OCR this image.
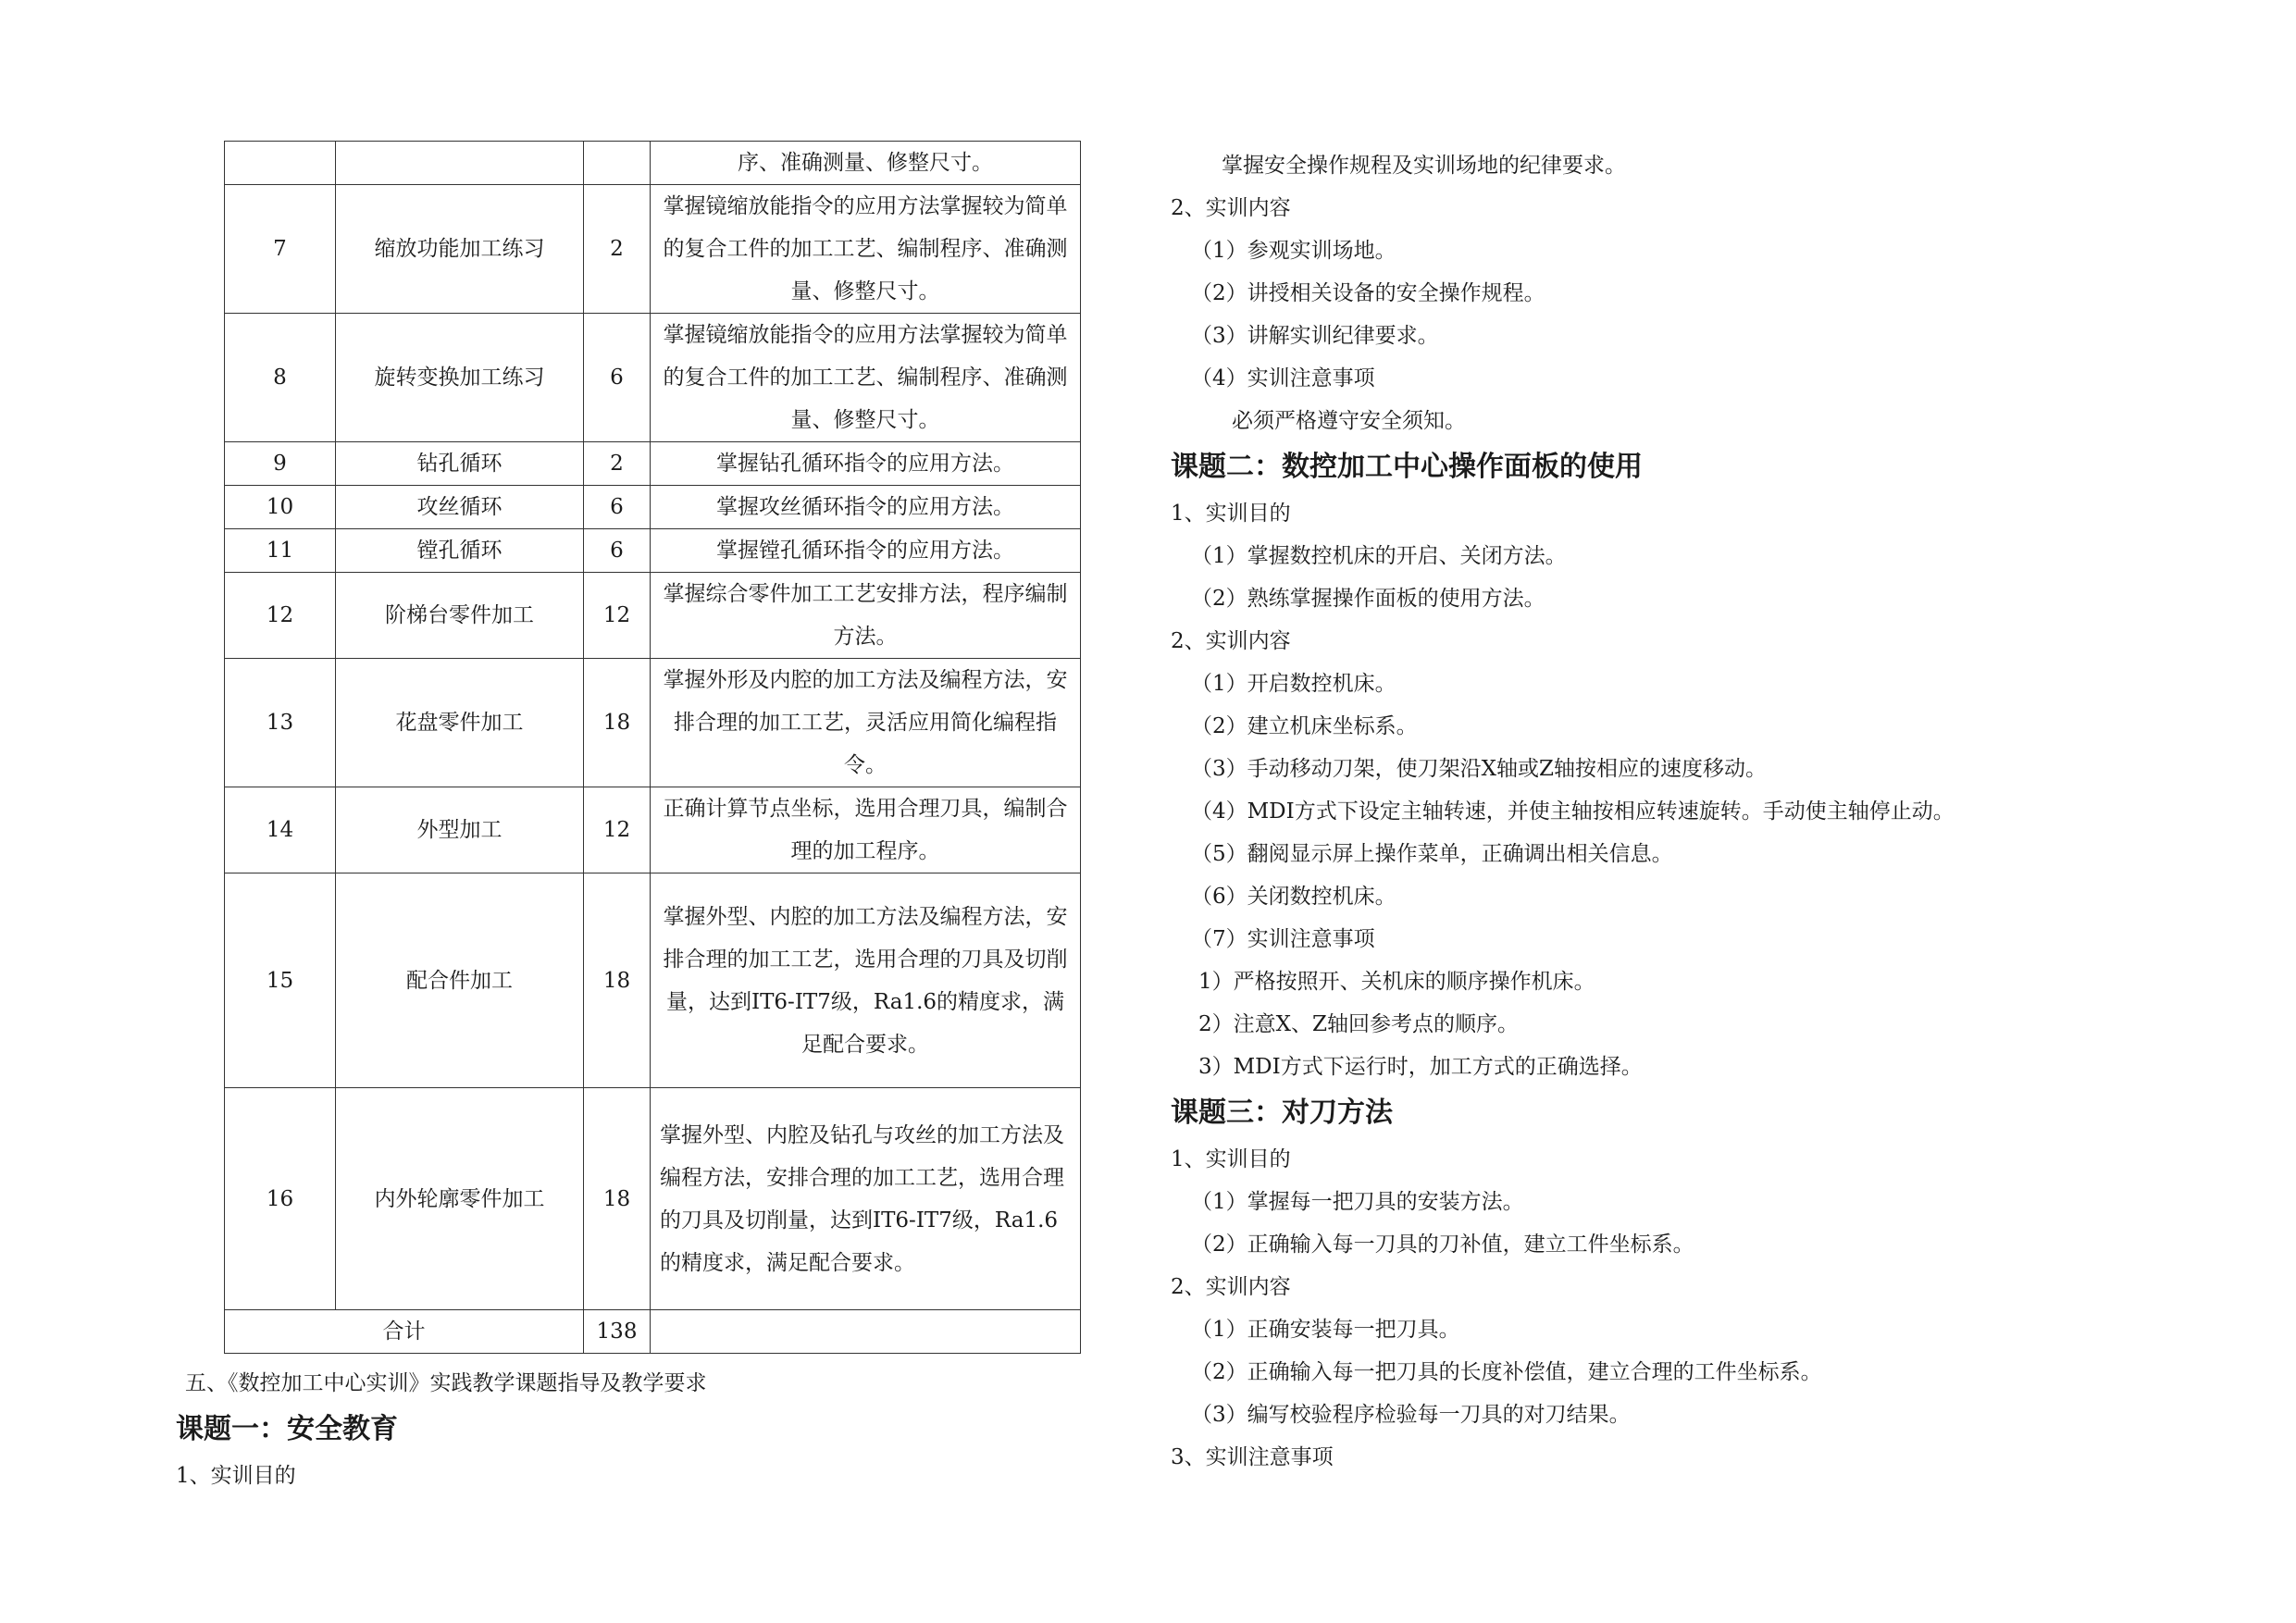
			序、准确测量、修整尺寸。
7	缩放功能加工练习	2	掌握镜缩放能指令的应用方法掌握较为简单的复合工件的加工工艺、编制程序、准确测量、修整尺寸。
8	旋转变换加工练习	6	掌握镜缩放能指令的应用方法掌握较为简单的复合工件的加工工艺、编制程序、准确测量、修整尺寸。
9	钻孔循环	2	掌握钻孔循环指令的应用方法。
10	攻丝循环	6	掌握攻丝循环指令的应用方法。
11	镗孔循环	6	掌握镗孔循环指令的应用方法。
12	阶梯台零件加工	12	掌握综合零件加工工艺安排方法，程序编制方法。
13	花盘零件加工	18	掌握外形及内腔的加工方法及编程方法，安排合理的加工工艺，灵活应用简化编程指令。
14	外型加工	12	正确计算节点坐标，选用合理刀具，编制合理的加工程序。
15	配合件加工	18	掌握外型、内腔的加工方法及编程方法，安排合理的加工工艺，选用合理的刀具及切削量，达到IT6-IT7级，Ra1.6的精度求，满足配合要求。
16	内外轮廓零件加工	18	掌握外型、内腔及钻孔与攻丝的加工方法及编程方法，安排合理的加工工艺，选用合理的刀具及切削量，达到IT6-IT7级，Ra1.6的精度求，满足配合要求。
合计		138	

五、《数控加工中心实训》实践教学课题指导及教学要求

课题一：安全教育

1、实训目的

掌握安全操作规程及实训场地的纪律要求。

2、实训内容

（1）参观实训场地。

（2）讲授相关设备的安全操作规程。

（3）讲解实训纪律要求。

（4）实训注意事项

必须严格遵守安全须知。

课题二：数控加工中心操作面板的使用

1、实训目的

（1）掌握数控机床的开启、关闭方法。

（2）熟练掌握操作面板的使用方法。

2、实训内容

（1）开启数控机床。

（2）建立机床坐标系。

（3）手动移动刀架，使刀架沿X轴或Z轴按相应的速度移动。

（4）MDI方式下设定主轴转速，并使主轴按相应转速旋转。手动使主轴停止动。

（5）翻阅显示屏上操作菜单，正确调出相关信息。

（6）关闭数控机床。

（7）实训注意事项

1）严格按照开、关机床的顺序操作机床。

2）注意X、Z轴回参考点的顺序。

3）MDI方式下运行时，加工方式的正确选择。

课题三：对刀方法

1、实训目的

（1）掌握每一把刀具的安装方法。

（2）正确输入每一刀具的刀补值，建立工件坐标系。

2、实训内容

（1）正确安装每一把刀具。

（2）正确输入每一把刀具的长度补偿值，建立合理的工件坐标系。

（3）编写校验程序检验每一刀具的对刀结果。

3、实训注意事项
